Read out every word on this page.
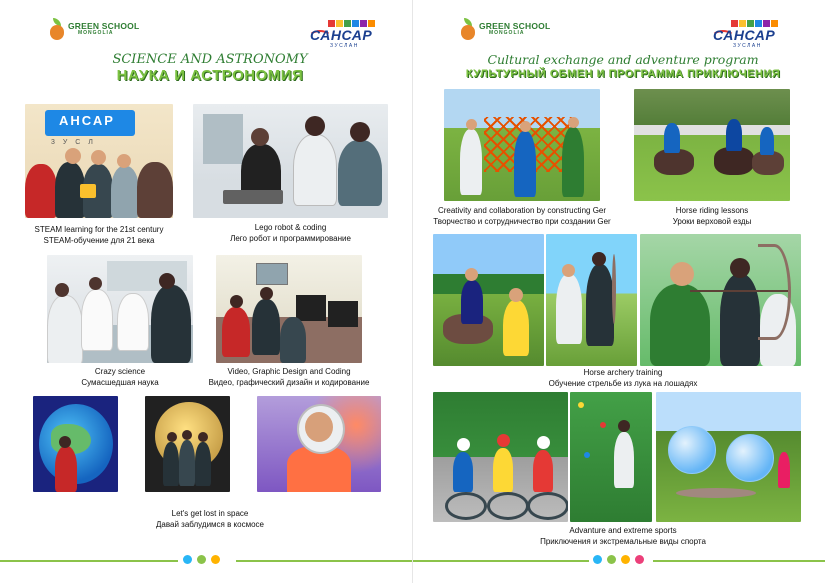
GREEN SCHOOL
MONGOLIA	САНСАР
ЗУСЛАН
SCIENCE AND ASTRONOMY
НАУКА И АСТРОНОМИЯ
АНСАР
3 У С Л
STEAM learning for the 21st century
STEAM-обучение для 21 века
Lego robot & coding
Лего робот и программирование
Crazy science
Сумасшедшая наука
Video, Graphic Design and Coding
Видео, графический дизайн и кодирование
Let's get lost in space
Давай заблудимся в космосе
GREEN SCHOOL
MONGOLIA	САНСАР
ЗУСЛАН
Cultural exchange and adventure program
КУЛЬТУРНЫЙ ОБМЕН И ПРОГРАММА ПРИКЛЮЧЕНИЯ
Creativity and collaboration by constructing Ger
Творчество и сотрудничество при создании Ger
Horse riding lessons
Уроки верховой езды
Horse archery training
Обучение стрельбе из лука на лошадях
Advanture and extreme sports
Приключения и экстремальные виды спорта
